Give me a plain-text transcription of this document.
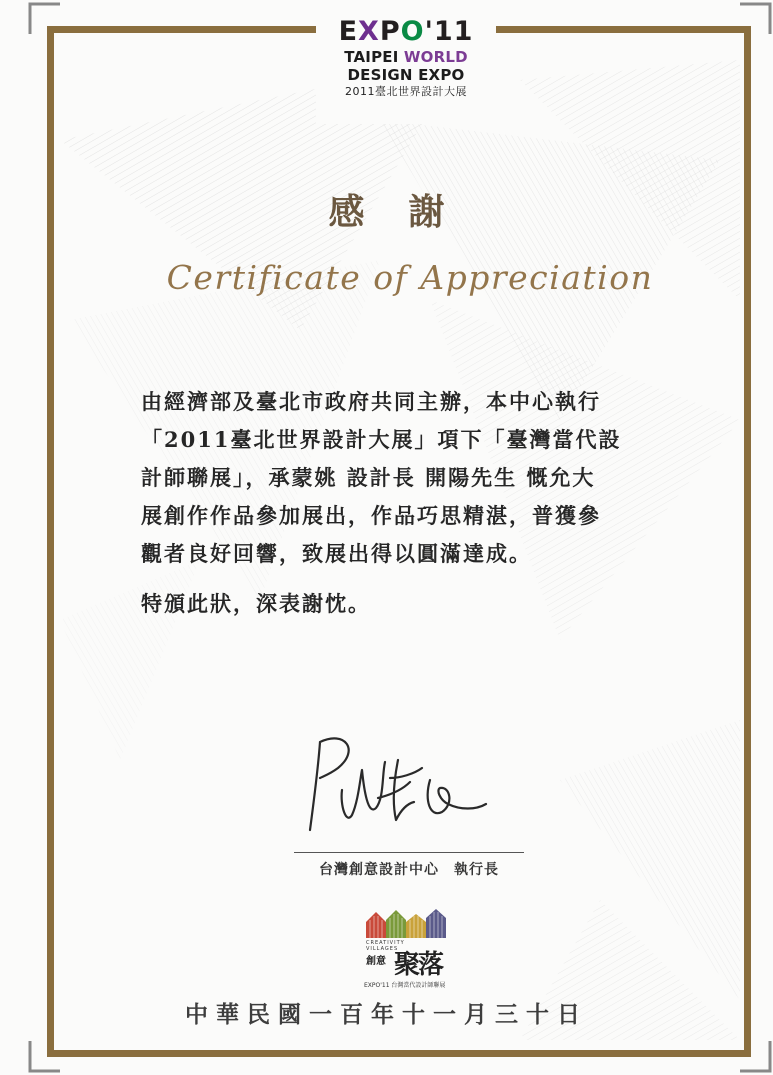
EXPO'11
TAIPEI WORLD
DESIGN EXPO
2011臺北世界設計大展
感謝
Certificate of Appreciation

由經濟部及臺北市政府共同主辦，本中心執行

「2011臺北世界設計大展」項下「臺灣當代設

計師聯展」，承蒙姚 設計長 開陽先生 慨允大

展創作作品參加展出，作品巧思精湛，普獲參

觀者良好回響，致展出得以圓滿達成。

特頒此狀，深表謝忱。
台灣創意設計中心　執行長
CREATIVITY
VILLAGES
創意 聚落
EXPO'11 台灣當代設計師聯展
中華民國一百年十一月三十日
